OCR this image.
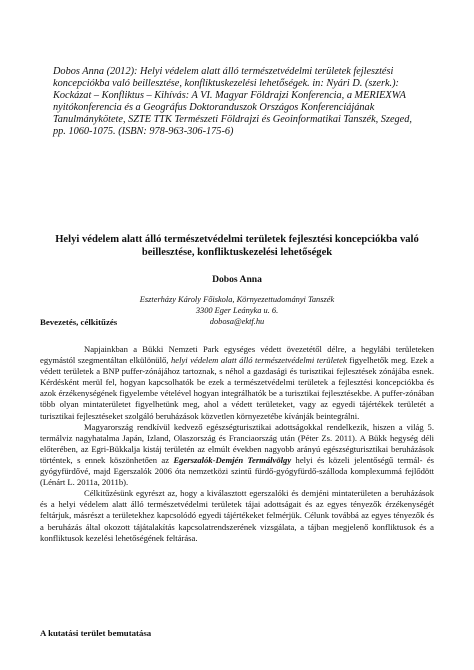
Dobos Anna (2012): Helyi védelem alatt álló természetvédelmi területek fejlesztési koncepciókba való beillesztése, konfliktuskezelési lehetőségek. in: Nyári D. (szerk.): Kockázat – Konfliktus – Kihívás: A VI. Magyar Földrajzi Konferencia, a MERIEXWA nyitókonferencia és a Geográfus Doktoranduszok Országos Konferenciájának Tanulmánykötete, SZTE TTK Természeti Földrajzi és Geoinformatikai Tanszék, Szeged, pp. 1060-1075. (ISBN: 978-963-306-175-6)

Helyi védelem alatt álló természetvédelmi területek fejlesztési koncepciókba való beillesztése, konfliktuskezelési lehetőségek

Dobos Anna

Eszterházy Károly Főiskola, Környezettudományi Tanszék
3300 Eger Leányka u. 6.
dobosa@ektf.hu
Bevezetés, célkitűzés

Napjainkban a Bükki Nemzeti Park egységes védett övezetétől délre, a hegylábi területeken egymástól szegmentáltan elkülönülő, helyi védelem alatt álló természetvédelmi területek figyelhetők meg. Ezek a védett területek a BNP puffer-zónájához tartoznak, s néhol a gazdasági és turisztikai fejlesztések zónájába esnek. Kérdésként merül fel, hogyan kapcsolhatók be ezek a természetvédelmi területek a fejlesztési koncepciókba és azok érzékenységének figyelembe vételével hogyan integrálhatók be a turisztikai fejlesztésekbe. A puffer-zónában több olyan mintaterületet figyelhetünk meg, ahol a védett területeket, vagy az egyedi tájértékek területét a turisztikai fejlesztéseket szolgáló beruházások közvetlen környezetébe kívánják beintegrálni.

Magyarország rendkívül kedvező egészségturisztikai adottságokkal rendelkezik, hiszen a világ 5. termálviz nagyhatalma Japán, Izland, Olaszország és Franciaország után (Péter Zs. 2011). A Bükk hegység déli előterében, az Egri-Bükkalja kistáj területén az elmúlt években nagyobb arányú egészségturisztikai beruházások történtek, s ennek köszönhetően az Egerszalók-Demjén Termálvölgy helyi és közeli jelentőségű termál- és gyógyfürdővé, majd Egerszalók 2006 óta nemzetközi szintű fürdő-gyógyfürdő-szálloda komplexummá fejlődött (Lénárt L. 2011a, 2011b).

Célkitűzésünk egyrészt az, hogy a kiválasztott egerszalóki és demjéni mintaterületen a beruházások és a helyi védelem alatt álló természetvédelmi területek tájai adottságait és az egyes tényezők érzékenységét feltárjuk, másrészt a területekhez kapcsolódó egyedi tájértékeket felmérjük. Célunk továbbá az egyes tényezők és a beruházás által okozott tájátalakítás kapcsolatrendszerének vizsgálata, a tájban megjelenő konfliktusok és a konfliktusok kezelési lehetőségének feltárása.

A kutatási terület bemutatása
